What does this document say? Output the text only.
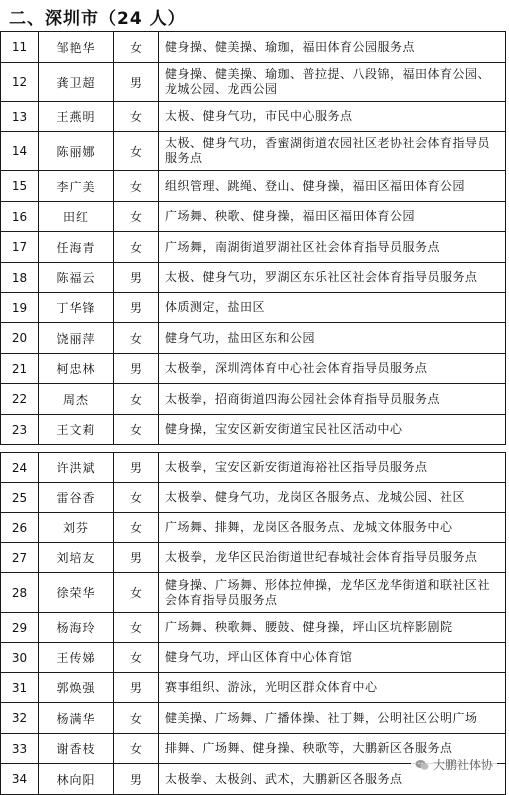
二、深圳市（24 人）
11	邹艳华	女	健身操、健美操、瑜珈，福田体育公园服务点
12	龚卫超	男	健身操、健美操、瑜珈、普拉提、八段锦，福田体育公园、龙城公园、龙西公园
13	王燕明	女	太极、健身气功，市民中心服务点
14	陈丽娜	女	太极、健身气功，香蜜湖街道农园社区老协社会体育指导员服务点
15	李广美	女	组织管理、跳绳、登山、健身操，福田区福田体育公园
16	田红	女	广场舞、秧歌、健身操，福田区福田体育公园
17	任海青	女	广场舞，南湖街道罗湖社区社会体育指导员服务点
18	陈福云	男	太极、健身气功，罗湖区东乐社区社会体育指导员服务点
19	丁华锋	男	体质测定，盐田区
20	饶丽萍	女	健身气功，盐田区东和公园
21	柯忠林	男	太极拳，深圳湾体育中心社会体育指导员服务点
22	周杰	女	太极拳，招商街道四海公园社会体育指导员服务点
23	王文莉	女	健身操，宝安区新安街道宝民社区活动中心
24	许洪斌	男	太极拳，宝安区新安街道海裕社区指导员服务点
25	雷谷香	女	太极拳、健身气功，龙岗区各服务点、龙城公园、社区
26	刘芬	女	广场舞、排舞，龙岗区各服务点、龙城文体服务中心
27	刘培友	男	太极拳，龙华区民治街道世纪春城社会体育指导员服务点
28	徐荣华	女	健身操、广场舞、形体拉伸操，龙华区龙华街道和联社区社会体育指导员服务点
29	杨海玲	女	广场舞、秧歌舞、腰鼓、健身操，坪山区坑梓影剧院
30	王传娣	女	健身气功，坪山区体育中心体育馆
31	郭焕强	男	赛事组织、游泳，光明区群众体育中心
32	杨满华	女	健美操、广场舞、广播体操、社丁舞，公明社区公明广场
33	谢香枝	女	排舞、广场舞、健身操、秧歌等，大鹏新区各服务点
34	林向阳	男	太极拳、太极剑、武术，大鹏新区各服务点
大鹏社体协
